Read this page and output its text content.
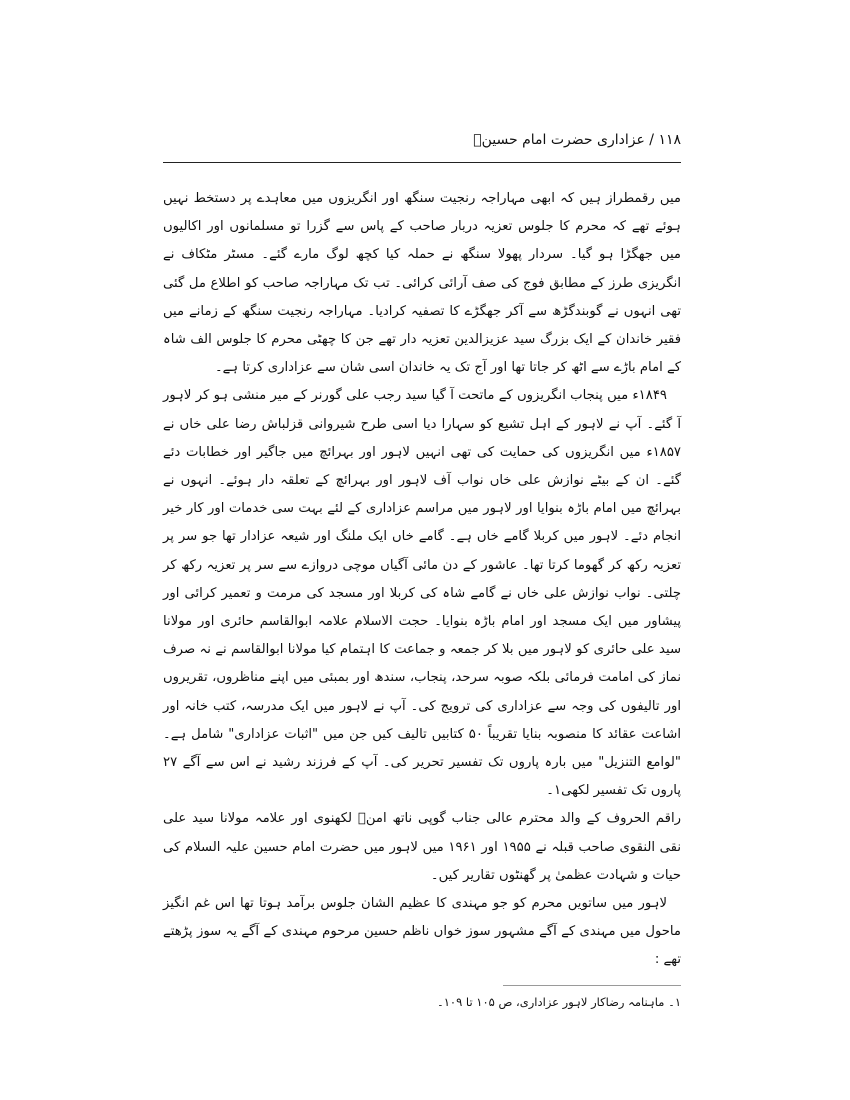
۱۱۸ / عزاداری حضرت امام حسینؑ

میں رقمطراز ہیں کہ ابھی مہاراجہ رنجیت سنگھ اور انگریزوں میں معاہدے پر دستخط نہیں ہوئے تھے کہ محرم کا جلوس تعزیہ دربار صاحب کے پاس سے گزرا تو مسلمانوں اور اکالیوں میں جھگڑا ہو گیا۔ سردار پھولا سنگھ نے حملہ کیا کچھ لوگ مارے گئے۔ مسٹر مٹکاف نے انگریزی طرز کے مطابق فوج کی صف آرائی کرائی۔ تب تک مہاراجہ صاحب کو اطلاع مل گئی تھی انہوں نے گوبندگڑھ سے آکر جھگڑے کا تصفیہ کرادیا۔ مہاراجہ رنجیت سنگھ کے زمانے میں فقیر خاندان کے ایک بزرگ سید عزیزالدین تعزیہ دار تھے جن کا چھٹی محرم کا جلوس الف شاہ کے امام باڑے سے اٹھ کر جاتا تھا اور آج تک یہ خاندان اسی شان سے عزاداری کرتا ہے۔

۱۸۴۹ء میں پنجاب انگریزوں کے ماتحت آ گیا سید رجب علی گورنر کے میر منشی ہو کر لاہور آ گئے۔ آپ نے لاہور کے اہل تشیع کو سہارا دیا اسی طرح شیروانی قزلباش رضا علی خاں نے ۱۸۵۷ء میں انگریزوں کی حمایت کی تھی انہیں لاہور اور بہرائچ میں جاگیر اور خطابات دئے گئے۔ ان کے بیٹے نوازش علی خاں نواب آف لاہور اور بہرائچ کے تعلقہ دار ہوئے۔ انہوں نے بہرائچ میں امام باڑہ بنوایا اور لاہور میں مراسم عزاداری کے لئے بہت سی خدمات اور کار خیر انجام دئے۔ لاہور میں کربلا گامے خاں ہے۔ گامے خاں ایک ملنگ اور شیعہ عزادار تھا جو سر پر تعزیہ رکھ کر گھوما کرتا تھا۔ عاشور کے دن مائی آگیاں موچی دروازے سے سر پر تعزیہ رکھ کر چلتی۔ نواب نوازش علی خاں نے گامے شاہ کی کربلا اور مسجد کی مرمت و تعمیر کرائی اور پیشاور میں ایک مسجد اور امام باڑہ بنوایا۔ حجت الاسلام علامہ ابوالقاسم حائری اور مولانا سید علی حائری کو لاہور میں بلا کر جمعہ و جماعت کا اہتمام کیا مولانا ابوالقاسم نے نہ صرف نماز کی امامت فرمائی بلکہ صوبہ سرحد، پنجاب، سندھ اور بمبئی میں اپنے مناظروں، تقریروں اور تالیفوں کی وجہ سے عزاداری کی ترویج کی۔ آپ نے لاہور میں ایک مدرسہ، کتب خانہ اور اشاعت عقائد کا منصوبہ بنایا تقریباً ۵۰ کتابیں تالیف کیں جن میں "اثبات عزاداری" شامل ہے۔ "لوامع التنزیل" میں بارہ پاروں تک تفسیر تحریر کی۔ آپ کے فرزند رشید نے اس سے آگے ۲۷ پاروں تک تفسیر لکھی۱۔

راقم الحروف کے والد محترم عالی جناب گوپی ناتھ امنؔ لکھنوی اور علامہ مولانا سید علی نقی النقوی صاحب قبلہ نے ۱۹۵۵ اور ۱۹۶۱ میں لاہور میں حضرت امام حسین علیہ السلام کی حیات و شہادت عظمیٰ پر گھنٹوں تقاریر کیں۔

لاہور میں ساتویں محرم کو جو مہندی کا عظیم الشان جلوس برآمد ہوتا تھا اس غم انگیز ماحول میں مہندی کے آگے مشہور سوز خواں ناظم حسین مرحوم مہندی کے آگے یہ سوز پڑھتے تھے :

۱۔ ماہنامہ رضاکار لاہور عزاداری، ص ۱۰۵ تا ۱۰۹۔
